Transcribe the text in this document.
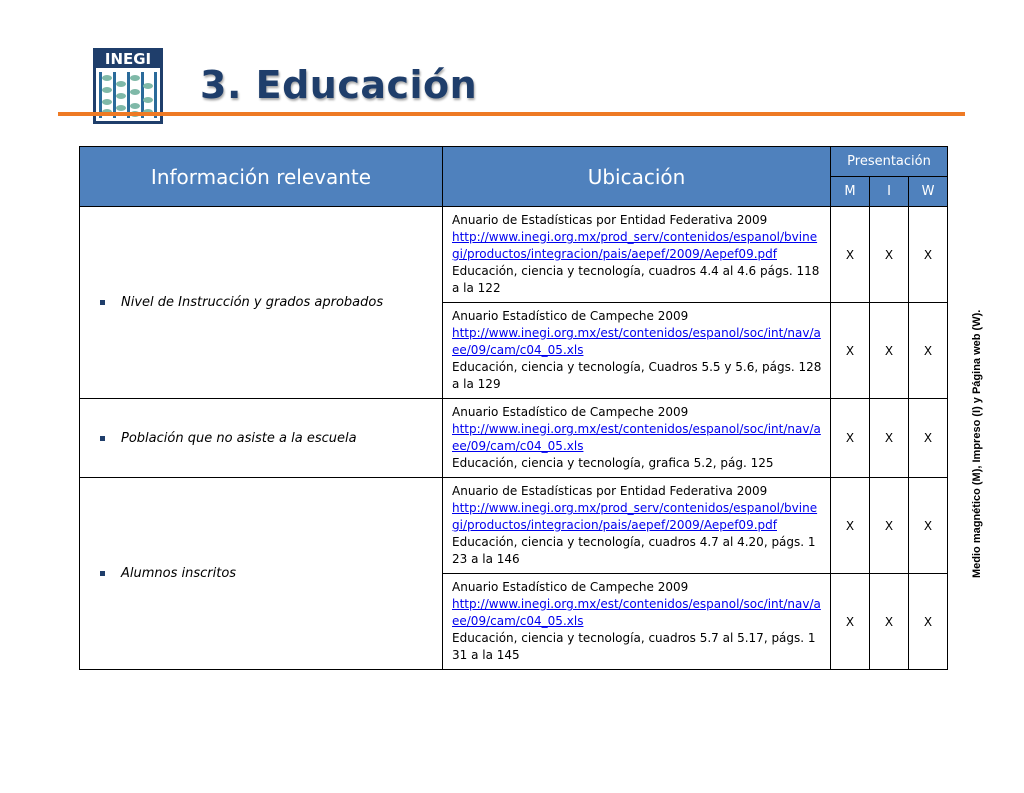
INEGI
3. Educación
Información relevante	Ubicación	Presentación		
		M	I	W
Nivel de Instrucción y grados aprobados	Anuario de Estadísticas por Entidad Federativa 2009
http://www.inegi.org.mx/prod_serv/contenidos/espanol/bvinegi/productos/integracion/pais/aepef/2009/Aepef09.pdf
Educación, ciencia y tecnología, cuadros 4.4 al 4.6 págs. 118 a la 122	X	X	X

	Anuario Estadístico de Campeche 2009
http://www.inegi.org.mx/est/contenidos/espanol/soc/int/nav/aee/09/cam/c04_05.xls
Educación, ciencia y tecnología, Cuadros 5.5 y 5.6, págs. 128 a la 129	X	X	X
Población que no asiste a la escuela	Anuario Estadístico de Campeche 2009
http://www.inegi.org.mx/est/contenidos/espanol/soc/int/nav/aee/09/cam/c04_05.xls
Educación, ciencia y tecnología, grafica 5.2, pág. 125	X	X	X
Alumnos inscritos	Anuario de Estadísticas por Entidad Federativa 2009
http://www.inegi.org.mx/prod_serv/contenidos/espanol/bvinegi/productos/integracion/pais/aepef/2009/Aepef09.pdf
Educación, ciencia y tecnología, cuadros 4.7 al 4.20, págs. 123 a la 146	X	X	X

	Anuario Estadístico de Campeche 2009
http://www.inegi.org.mx/est/contenidos/espanol/soc/int/nav/aee/09/cam/c04_05.xls
Educación, ciencia y tecnología, cuadros 5.7 al 5.17, págs. 131 a la 145	X	X	X
Medio magnético (M), Impreso (I) y Página web (W).
